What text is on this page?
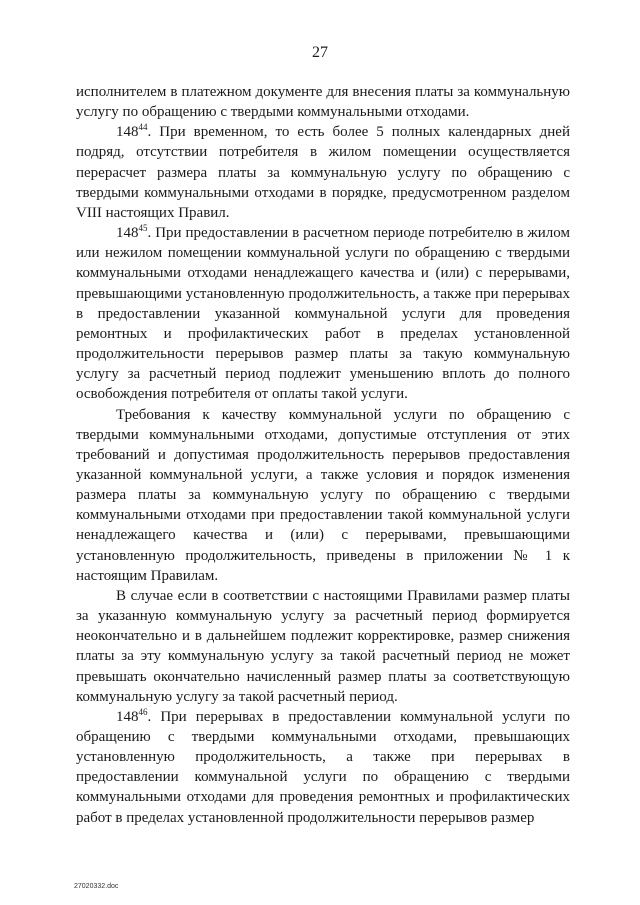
27

исполнителем в платежном документе для внесения платы за коммунальную услугу по обращению с твердыми коммунальными отходами.

$148^{44}$. При временном, то есть более 5 полных календарных дней подряд, отсутствии потребителя в жилом помещении осуществляется перерасчет размера платы за коммунальную услугу по обращению с твердыми коммунальными отходами в порядке, предусмотренном разделом VIII настоящих Правил.

$148^{45}$. При предоставлении в расчетном периоде потребителю в жилом или нежилом помещении коммунальной услуги по обращению с твердыми коммунальными отходами ненадлежащего качества и (или) с перерывами, превышающими установленную продолжительность, а также при перерывах в предоставлении указанной коммунальной услуги для проведения ремонтных и профилактических работ в пределах установленной продолжительности перерывов размер платы за такую коммунальную услугу за расчетный период подлежит уменьшению вплоть до полного освобождения потребителя от оплаты такой услуги.

Требования к качеству коммунальной услуги по обращению с твердыми коммунальными отходами, допустимые отступления от этих требований и допустимая продолжительность перерывов предоставления указанной коммунальной услуги, а также условия и порядок изменения размера платы за коммунальную услугу по обращению с твердыми коммунальными отходами при предоставлении такой коммунальной услуги ненадлежащего качества и (или) с перерывами, превышающими установленную продолжительность, приведены в приложении № 1 к настоящим Правилам.

В случае если в соответствии с настоящими Правилами размер платы за указанную коммунальную услугу за расчетный период формируется неокончательно и в дальнейшем подлежит корректировке, размер снижения платы за эту коммунальную услугу за такой расчетный период не может превышать окончательно начисленный размер платы за соответствующую коммунальную услугу за такой расчетный период.

$148^{46}$. При перерывах в предоставлении коммунальной услуги по обращению с твердыми коммунальными отходами, превышающих установленную продолжительность, а также при перерывах в предоставлении коммунальной услуги по обращению с твердыми коммунальными отходами для проведения ремонтных и профилактических работ в пределах установленной продолжительности перерывов размер

27020332.doc
